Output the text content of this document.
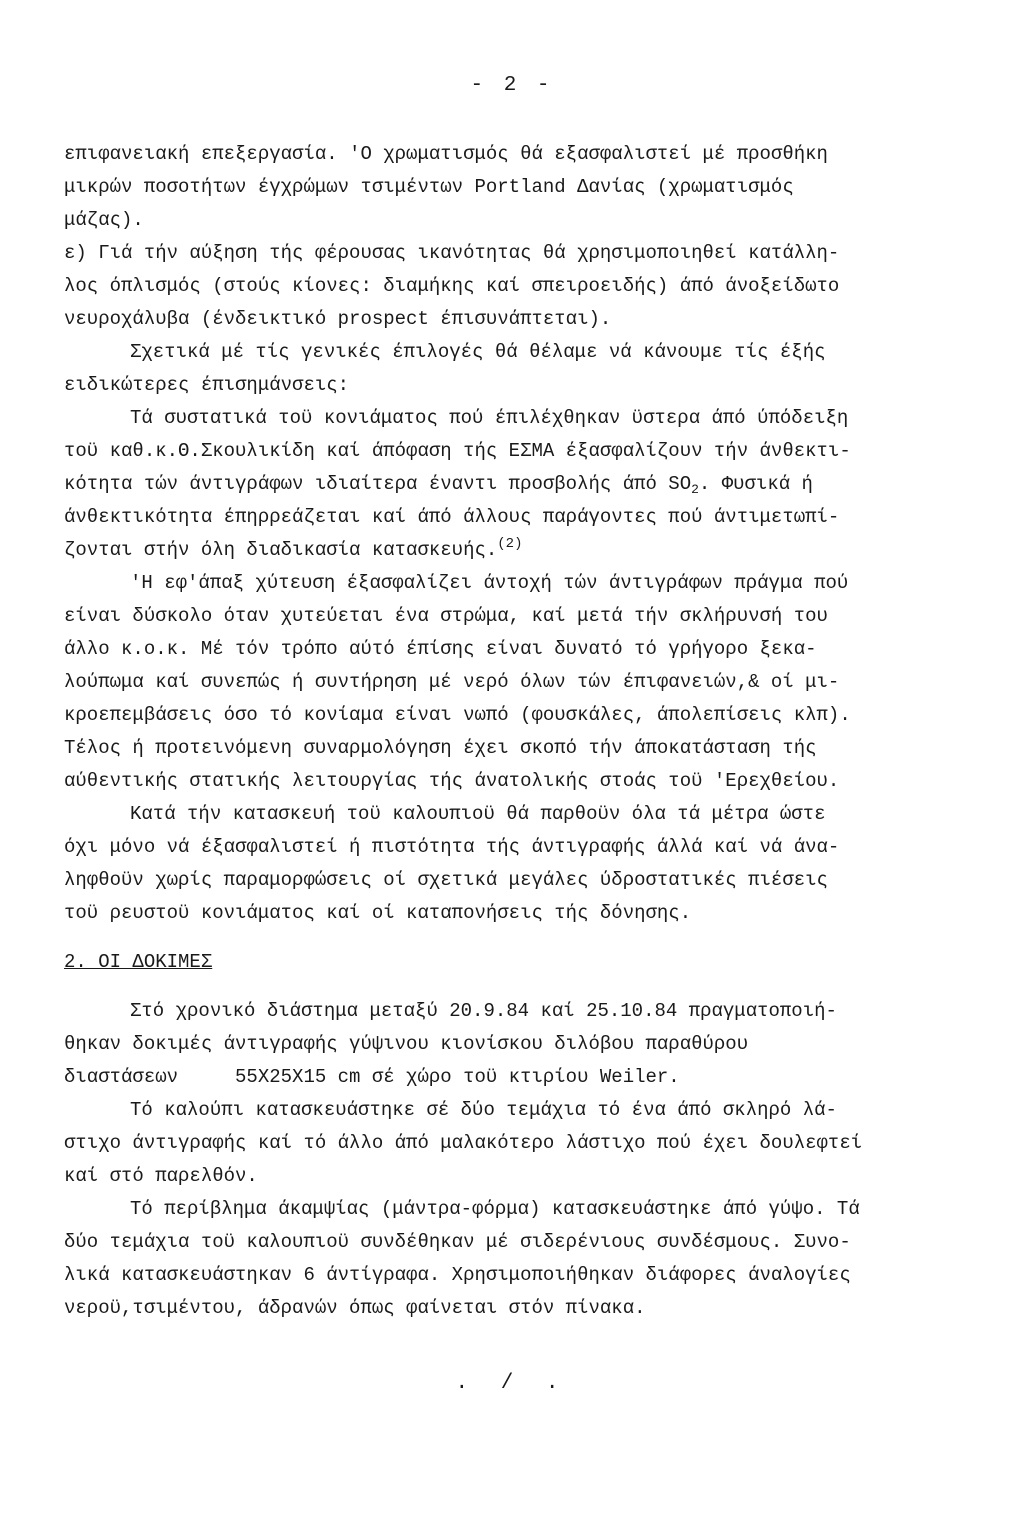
- 2 -
επιφανειακή επεξεργασία. 'Ο χρωματισμός θά εξασφαλιστεί μέ προσθήκη
μικρών ποσοτήτων έγχρώμων τσιμέντων Portland Δανίας (χρωματισμός
μάζας).
ε) Γιά τήν αύξηση τής φέρουσας ικανότητας θά χρησιμοποιηθεί κατάλλη-
λος όπλισμός (στούς κίονες: διαμήκης καί σπειροειδής) άπό άνοξείδωτο
νευροχάλυβα (ένδεικτικό prospect έπισυνάπτεται).
Σχετικά μέ τίς γενικές έπιλογές θά θέλαμε νά κάνουμε τίς έξής
ειδικώτερες έπισημάνσεις:
Τά συστατικά τοϋ κονιάματος πού έπιλέχθηκαν ϋστερα άπό ύπόδειξη
τοϋ καθ.κ.Θ.Σκουλικίδη καί άπόφαση τής ΕΣΜΑ έξασφαλίζουν τήν άνθεκτι-
κότητα τών άντιγράφων ιδιαίτερα έναντι προσβολής άπό $SO_2$. Φυσικά ή
άνθεκτικότητα έπηρρεάζεται καί άπό άλλους παράγοντες πού άντιμετωπί-
ζονται στήν όλη διαδικασία κατασκευής.$^{(2)}$
'Η εφ'άπαξ χύτευση έξασφαλίζει άντοχή τών άντιγράφων πράγμα πού
είναι δύσκολο όταν χυτεύεται ένα στρώμα, καί μετά τήν σκλήρυνσή του
άλλο κ.ο.κ. Μέ τόν τρόπο αύτό έπίσης είναι δυνατό τό γρήγορο ξεκα-
λούπωμα καί συνεπώς ή συντήρηση μέ νερό όλων τών έπιφανειών,& οί μι-
κροεπεμβάσεις όσο τό κονίαμα είναι νωπό (φουσκάλες, άπολεπίσεις κλπ).
Τέλος ή προτεινόμενη συναρμολόγηση έχει σκοπό τήν άποκατάσταση τής
αύθεντικής στατικής λειτουργίας τής άνατολικής στοάς τοϋ 'Ερεχθείου.
Κατά τήν κατασκευή τοϋ καλουπιοϋ θά παρθοϋν όλα τά μέτρα ώστε
όχι μόνο νά έξασφαλιστεί ή πιστότητα τής άντιγραφής άλλά καί νά άνα-
ληφθοϋν χωρίς παραμορφώσεις οί σχετικά μεγάλες ύδροστατικές πιέσεις
τοϋ ρευστοϋ κονιάματος καί οί καταπονήσεις τής δόνησης.
2. ΟΙ ΔΟΚΙΜΕΣ
Στό χρονικό διάστημα μεταξύ 20.9.84 καί 25.10.84 πραγματοποιή-
θηκαν δοκιμές άντιγραφής γύψινου κιονίσκου διλόβου παραθύρου
διαστάσεων     55X25X15 cm σέ χώρο τοϋ κτιρίου Weiler.
Τό καλούπι κατασκευάστηκε σέ δύο τεμάχια τό ένα άπό σκληρό λά-
στιχο άντιγραφής καί τό άλλο άπό μαλακότερο λάστιχο πού έχει δουλεφτεί
καί στό παρελθόν.
Τό περίβλημα άκαμψίας (μάντρα-φόρμα) κατασκευάστηκε άπό γύψο. Τά
δύο τεμάχια τοϋ καλουπιοϋ συνδέθηκαν μέ σιδερένιους συνδέσμους. Συνο-
λικά κατασκευάστηκαν 6 άντίγραφα. Χρησιμοποιήθηκαν διάφορες άναλογίες
νεροϋ,τσιμέντου, άδρανών όπως φαίνεται στόν πίνακα.
. / .
